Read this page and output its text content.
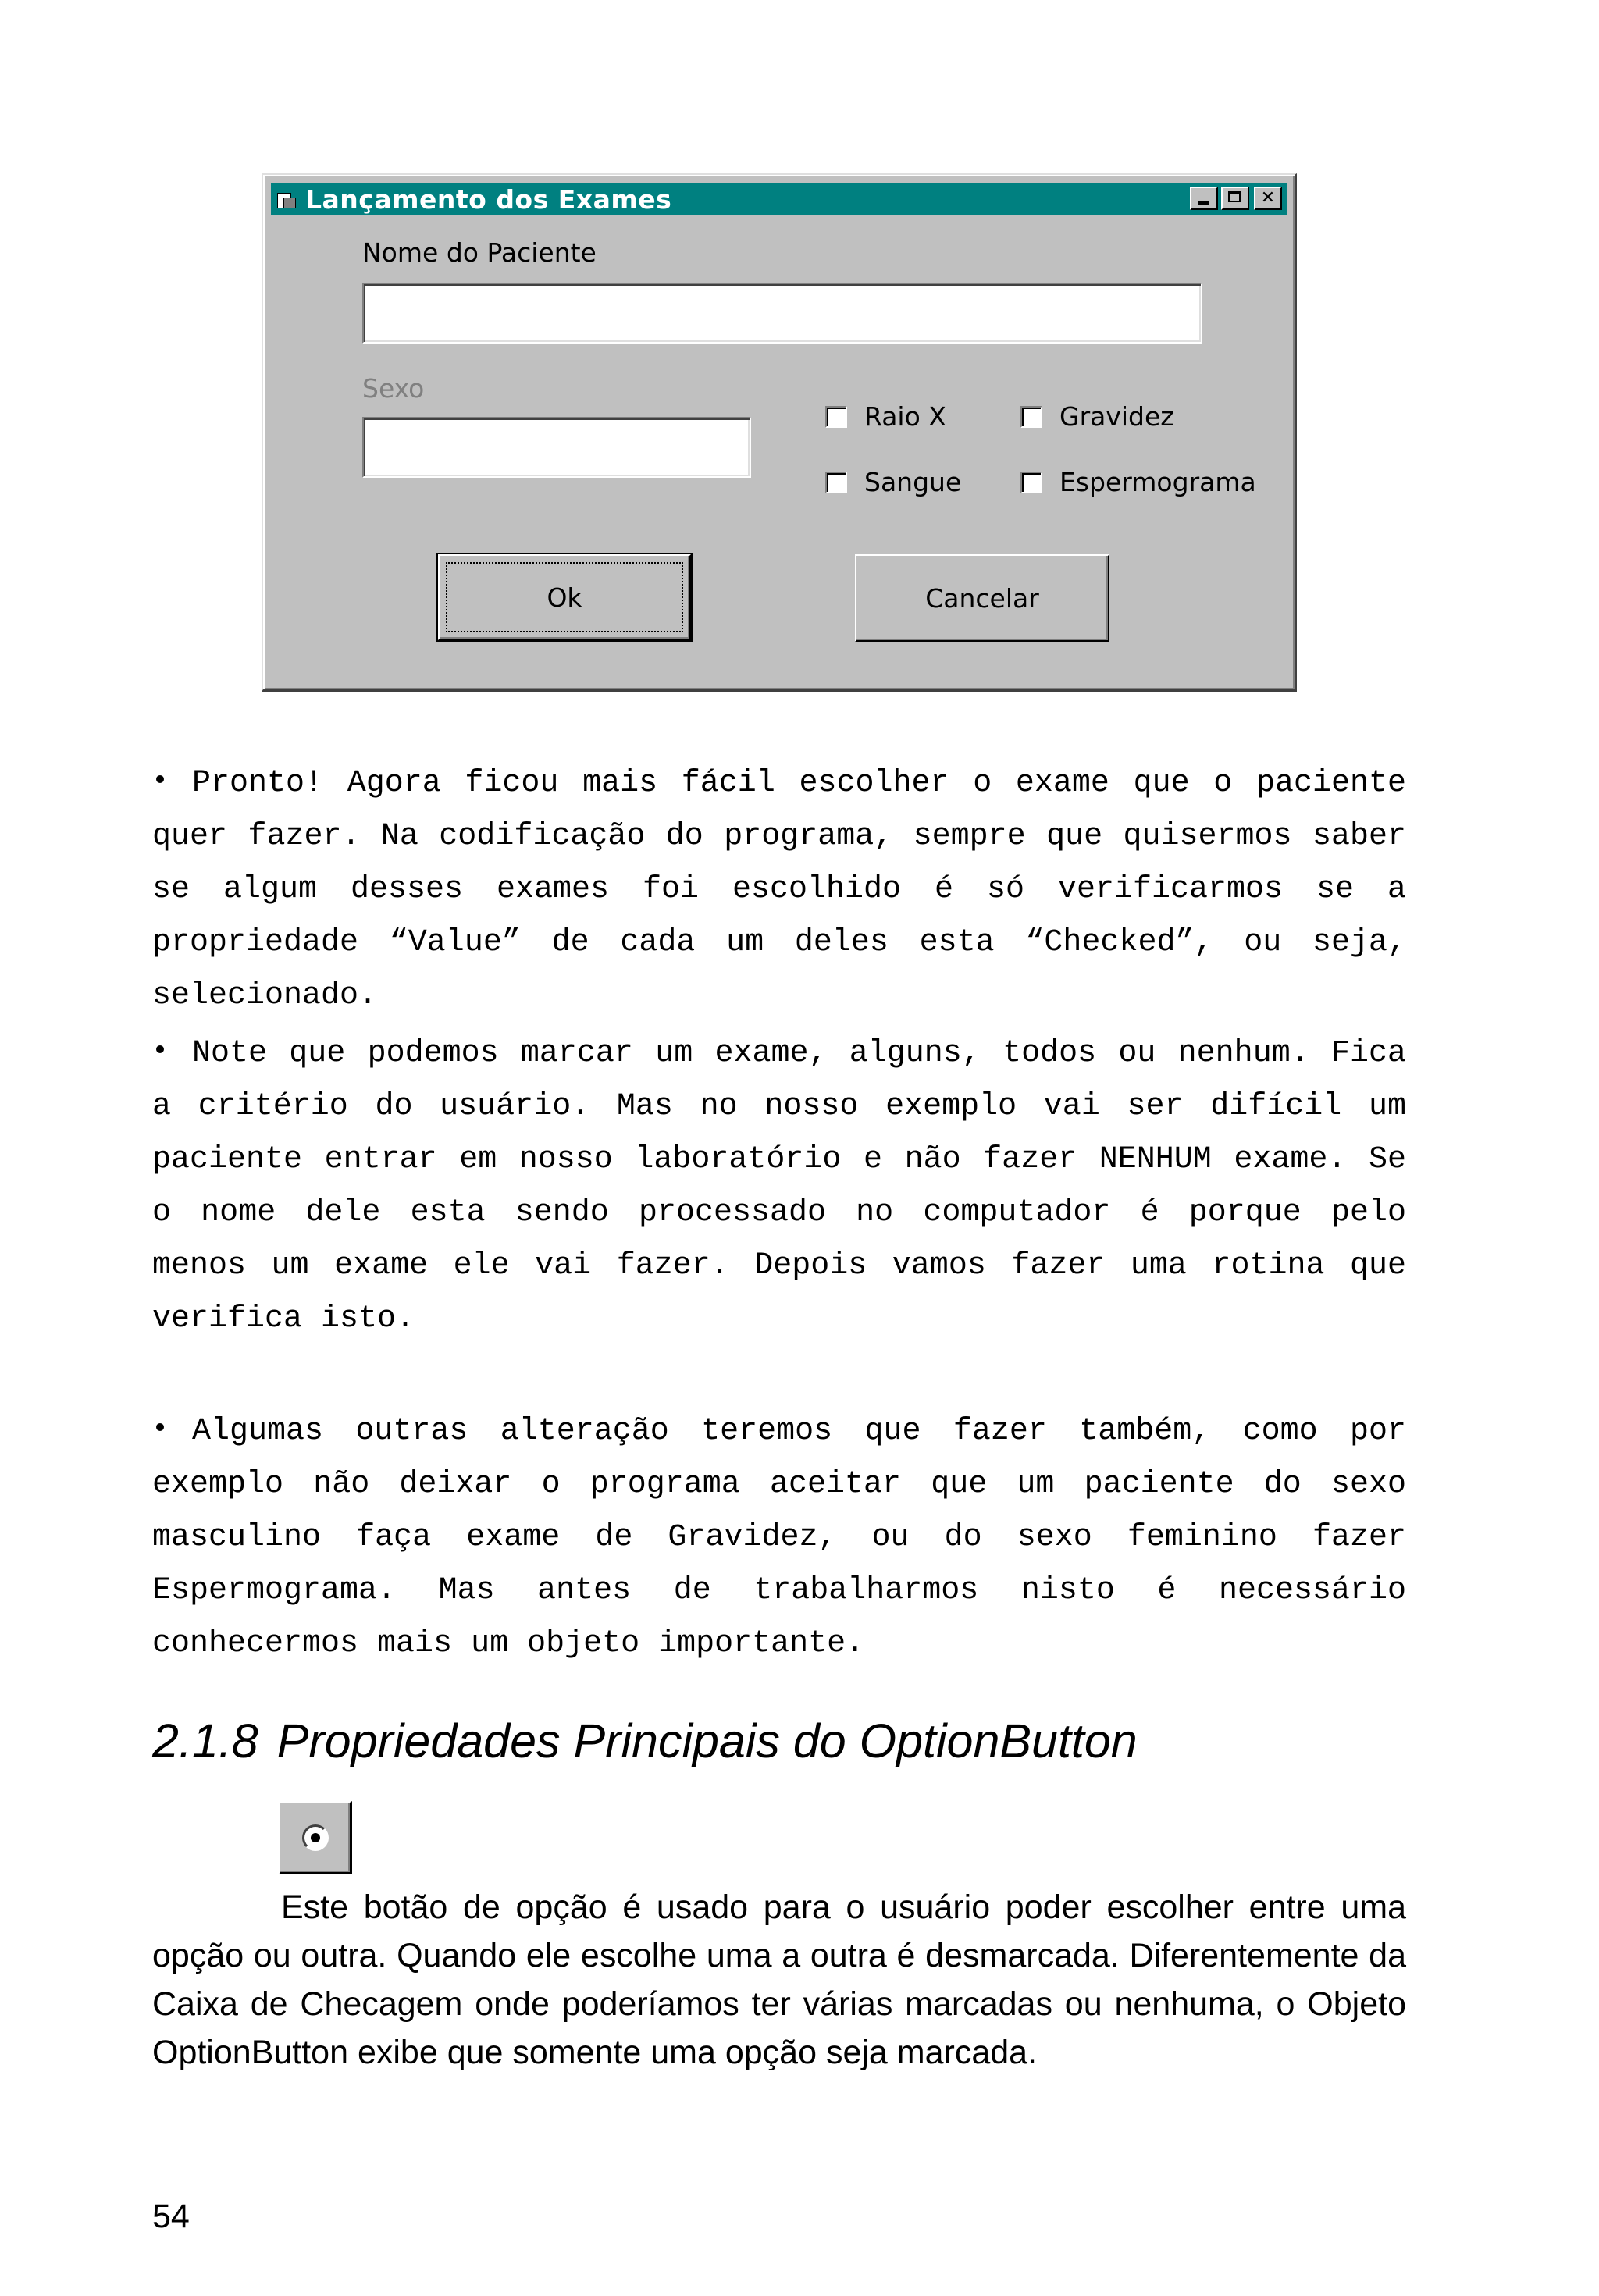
Lançamento dos Exames	✕
Nome do Paciente
Sexo
Raio X	Gravidez
Sangue	Espermograma
Ok	Cancelar
Pronto! Agora ficou mais fácil escolher o exame que o paciente quer fazer. Na codificação do programa, sempre que quisermos saber se algum desses exames foi escolhido é só verificarmos se a propriedade “Value” de cada um deles esta “Checked”, ou seja, selecionado.
Note que podemos marcar um exame, alguns, todos ou nenhum. Fica a critério do usuário. Mas no nosso exemplo vai ser difícil um paciente entrar em nosso laboratório e não fazer NENHUM exame. Se o nome dele esta sendo processado no computador é porque pelo menos um exame ele vai fazer. Depois vamos fazer uma rotina que verifica isto.
Algumas outras alteração teremos que fazer também, como por exemplo não deixar o programa aceitar que um paciente do sexo masculino faça exame de Gravidez, ou do sexo feminino fazer Espermograma. Mas antes de trabalharmos nisto é necessário conhecermos mais um objeto importante.
2.1.8 Propriedades Principais do OptionButton
Este botão de opção é usado para o usuário poder escolher entre uma opção ou outra. Quando ele escolhe uma a outra é desmarcada. Diferentemente da Caixa de Checagem onde poderíamos ter várias marcadas ou nenhuma, o Objeto OptionButton exibe que somente uma opção seja marcada.
54
